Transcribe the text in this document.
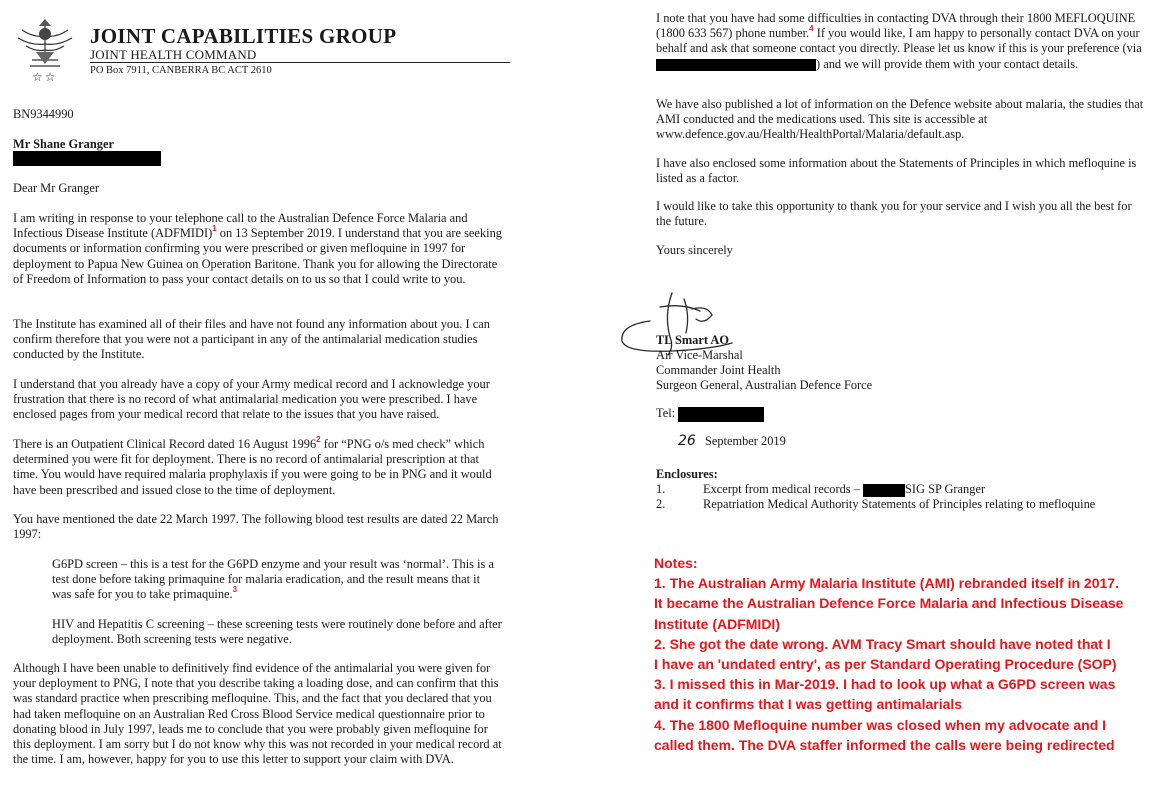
☆☆
JOINT CAPABILITIES GROUP
JOINT HEALTH COMMAND
PO Box 7911, CANBERRA BC ACT 2610

BN9344990

Mr Shane Granger

Dear Mr Granger

I am writing in response to your telephone call to the Australian Defence Force Malaria and Infectious Disease Institute (ADFMIDI)$^1$ on 13 September 2019. I understand that you are seeking documents or information confirming you were prescribed or given mefloquine in 1997 for deployment to Papua New Guinea on Operation Baritone. Thank you for allowing the Directorate of Freedom of Information to pass your contact details on to us so that I could write to you.

The Institute has examined all of their files and have not found any information about you. I can confirm therefore that you were not a participant in any of the antimalarial medication studies conducted by the Institute.

I understand that you already have a copy of your Army medical record and I acknowledge your frustration that there is no record of what antimalarial medication you were prescribed. I have enclosed pages from your medical record that relate to the issues that you have raised.

There is an Outpatient Clinical Record dated 16 August 1996$^2$ for “PNG o/s med check” which determined you were fit for deployment. There is no record of antimalarial prescription at that time. You would have required malaria prophylaxis if you were going to be in PNG and it would have been prescribed and issued close to the time of deployment.

You have mentioned the date 22 March 1997. The following blood test results are dated 22 March 1997:

G6PD screen – this is a test for the G6PD enzyme and your result was ‘normal’. This is a test done before taking primaquine for malaria eradication, and the result means that it was safe for you to take primaquine.$^3$

HIV and Hepatitis C screening – these screening tests were routinely done before and after deployment. Both screening tests were negative.

Although I have been unable to definitively find evidence of the antimalarial you were given for your deployment to PNG, I note that you describe taking a loading dose, and can confirm that this was standard practice when prescribing mefloquine. This, and the fact that you declared that you had taken mefloquine on an Australian Red Cross Blood Service medical questionnaire prior to donating blood in July 1997, leads me to conclude that you were probably given mefloquine for this deployment. I am sorry but I do not know why this was not recorded in your medical record at the time. I am, however, happy for you to use this letter to support your claim with DVA.

I note that you have had some difficulties in contacting DVA through their 1800 MEFLOQUINE (1800 633 567) phone number.$^4$ If you would like, I am happy to personally contact DVA on your behalf and ask that someone contact you directly. Please let us know if this is your preference (via ) and we will provide them with your contact details.

We have also published a lot of information on the Defence website about malaria, the studies that AMI conducted and the medications used. This site is accessible at www.defence.gov.au/Health/HealthPortal/Malaria/default.asp.

I have also enclosed some information about the Statements of Principles in which mefloquine is listed as a factor.

I would like to take this opportunity to thank you for your service and I wish you all the best for the future.

Yours sincerely

TL Smart AO

Air Vice-Marshal

Commander Joint Health

Surgeon General, Australian Defence Force

Tel:

26 September 2019

Enclosures:

1.	Excerpt from medical records –	SIG SP Granger
2.	Repatriation Medical Authority Statements of Principles relating to mefloquine
Notes:
1. The Australian Army Malaria Institute (AMI) rebranded itself in 2017.
It became the Australian Defence Force Malaria and Infectious Disease
Institute (ADFMIDI)
2. She got the date wrong. AVM Tracy Smart should have noted that I
I have an 'undated entry', as per Standard Operating Procedure (SOP)
3. I missed this in Mar-2019. I had to look up what a G6PD screen was
and it confirms that I was getting antimalarials
4. The 1800 Mefloquine number was closed when my advocate and I
called them. The DVA staffer informed the calls were being redirected
